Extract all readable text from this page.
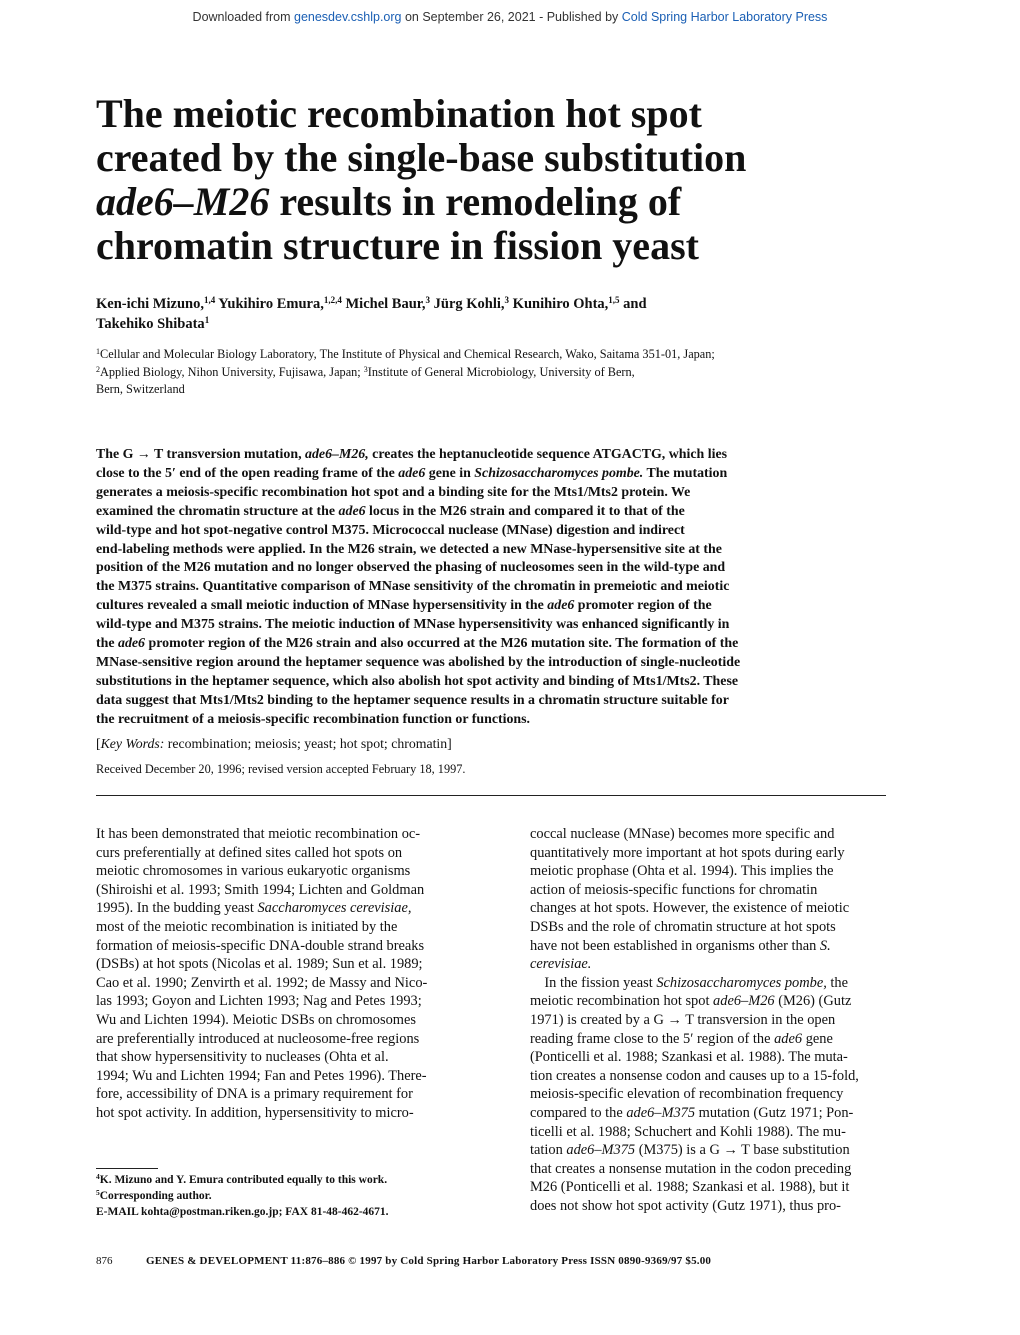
Downloaded from genesdev.cshlp.org on September 26, 2021 - Published by Cold Spring Harbor Laboratory Press
The meiotic recombination hot spot
created by the single-base substitution
ade6–M26 results in remodeling of
chromatin structure in fission yeast
Ken-ichi Mizuno,$^{1,4}$ Yukihiro Emura,$^{1,2,4}$ Michel Baur,$^3$ Jürg Kohli,$^3$ Kunihiro Ohta,$^{1,5}$ and
Takehiko Shibata$^1$
$^1$Cellular and Molecular Biology Laboratory, The Institute of Physical and Chemical Research, Wako, Saitama 351-01, Japan;
$^2$Applied Biology, Nihon University, Fujisawa, Japan; $^3$Institute of General Microbiology, University of Bern,
Bern, Switzerland
The G → T transversion mutation, ade6–M26, creates the heptanucleotide sequence ATGACTG, which lies
close to the 5′ end of the open reading frame of the ade6 gene in Schizosaccharomyces pombe. The mutation
generates a meiosis-specific recombination hot spot and a binding site for the Mts1/Mts2 protein. We
examined the chromatin structure at the ade6 locus in the M26 strain and compared it to that of the
wild-type and hot spot-negative control M375. Micrococcal nuclease (MNase) digestion and indirect
end-labeling methods were applied. In the M26 strain, we detected a new MNase-hypersensitive site at the
position of the M26 mutation and no longer observed the phasing of nucleosomes seen in the wild-type and
the M375 strains. Quantitative comparison of MNase sensitivity of the chromatin in premeiotic and meiotic
cultures revealed a small meiotic induction of MNase hypersensitivity in the ade6 promoter region of the
wild-type and M375 strains. The meiotic induction of MNase hypersensitivity was enhanced significantly in
the ade6 promoter region of the M26 strain and also occurred at the M26 mutation site. The formation of the
MNase-sensitive region around the heptamer sequence was abolished by the introduction of single-nucleotide
substitutions in the heptamer sequence, which also abolish hot spot activity and binding of Mts1/Mts2. These
data suggest that Mts1/Mts2 binding to the heptamer sequence results in a chromatin structure suitable for
the recruitment of a meiosis-specific recombination function or functions.
[Key Words: recombination; meiosis; yeast; hot spot; chromatin]
Received December 20, 1996; revised version accepted February 18, 1997.
It has been demonstrated that meiotic recombination oc-
curs preferentially at defined sites called hot spots on
meiotic chromosomes in various eukaryotic organisms
(Shiroishi et al. 1993; Smith 1994; Lichten and Goldman
1995). In the budding yeast Saccharomyces cerevisiae,
most of the meiotic recombination is initiated by the
formation of meiosis-specific DNA-double strand breaks
(DSBs) at hot spots (Nicolas et al. 1989; Sun et al. 1989;
Cao et al. 1990; Zenvirth et al. 1992; de Massy and Nico-
las 1993; Goyon and Lichten 1993; Nag and Petes 1993;
Wu and Lichten 1994). Meiotic DSBs on chromosomes
are preferentially introduced at nucleosome-free regions
that show hypersensitivity to nucleases (Ohta et al.
1994; Wu and Lichten 1994; Fan and Petes 1996). There-
fore, accessibility of DNA is a primary requirement for
hot spot activity. In addition, hypersensitivity to micro-
coccal nuclease (MNase) becomes more specific and
quantitatively more important at hot spots during early
meiotic prophase (Ohta et al. 1994). This implies the
action of meiosis-specific functions for chromatin
changes at hot spots. However, the existence of meiotic
DSBs and the role of chromatin structure at hot spots
have not been established in organisms other than S.
cerevisiae.
In the fission yeast Schizosaccharomyces pombe, the
meiotic recombination hot spot ade6–M26 (M26) (Gutz
1971) is created by a G → T transversion in the open
reading frame close to the 5′ region of the ade6 gene
(Ponticelli et al. 1988; Szankasi et al. 1988). The muta-
tion creates a nonsense codon and causes up to a 15-fold,
meiosis-specific elevation of recombination frequency
compared to the ade6–M375 mutation (Gutz 1971; Pon-
ticelli et al. 1988; Schuchert and Kohli 1988). The mu-
tation ade6–M375 (M375) is a G → T base substitution
that creates a nonsense mutation in the codon preceding
M26 (Ponticelli et al. 1988; Szankasi et al. 1988), but it
does not show hot spot activity (Gutz 1971), thus pro-
$^4$K. Mizuno and Y. Emura contributed equally to this work.
$^5$Corresponding author.
E-MAIL kohta@postman.riken.go.jp; FAX 81-48-462-4671.
876	GENES & DEVELOPMENT 11:876–886 © 1997 by Cold Spring Harbor Laboratory Press ISSN 0890-9369/97 $5.00
